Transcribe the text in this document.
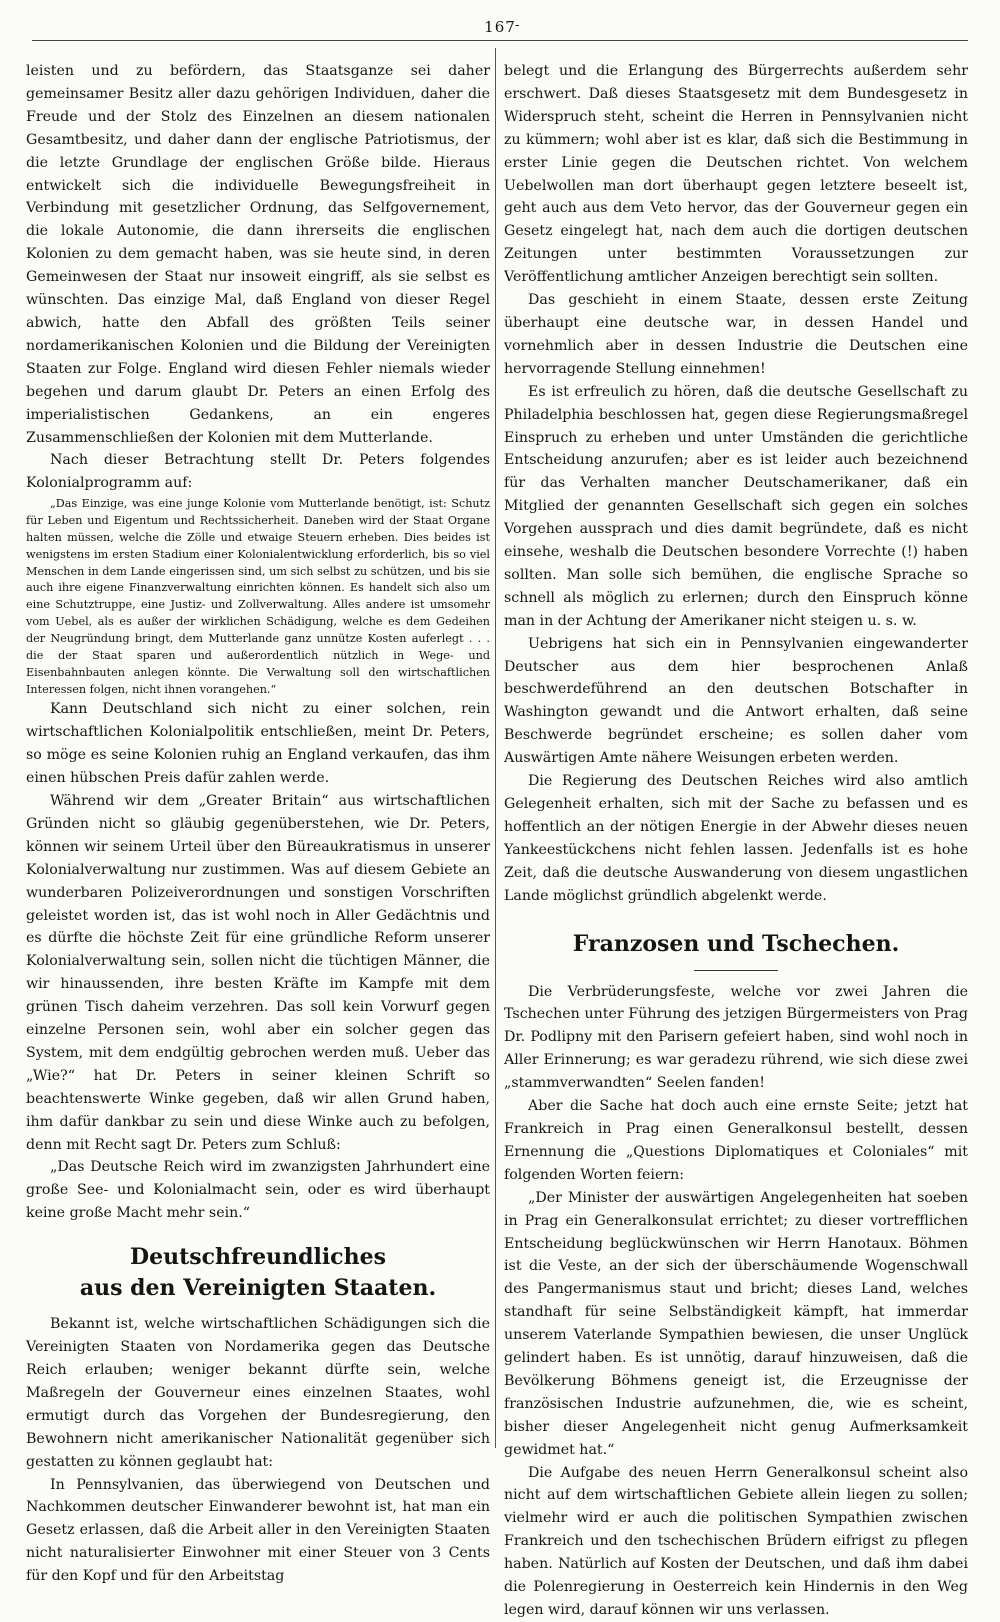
167 -

leisten und zu befördern, das Staatsganze sei daher gemeinsamer Besitz aller dazu gehörigen Individuen, daher die Freude und der Stolz des Einzelnen an diesem nationalen Gesamtbesitz, und daher dann der englische Patriotismus, der die letzte Grundlage der englischen Größe bilde. Hieraus entwickelt sich die individuelle Bewegungsfreiheit in Verbindung mit gesetzlicher Ordnung, das Selfgovernement, die lokale Autonomie, die dann ihrerseits die englischen Kolonien zu dem gemacht haben, was sie heute sind, in deren Gemeinwesen der Staat nur insoweit eingriff, als sie selbst es wünschten. Das einzige Mal, daß England von dieser Regel abwich, hatte den Abfall des größten Teils seiner nordamerikanischen Kolonien und die Bildung der Vereinigten Staaten zur Folge. England wird diesen Fehler niemals wieder begehen und darum glaubt Dr. Peters an einen Erfolg des imperialistischen Gedankens, an ein engeres Zusammenschließen der Kolonien mit dem Mutterlande.

Nach dieser Betrachtung stellt Dr. Peters folgendes Kolonialprogramm auf:

„Das Einzige, was eine junge Kolonie vom Mutterlande benötigt, ist: Schutz für Leben und Eigentum und Rechtssicherheit. Daneben wird der Staat Organe halten müssen, welche die Zölle und etwaige Steuern erheben. Dies beides ist wenigstens im ersten Stadium einer Kolonialentwicklung erforderlich, bis so viel Menschen in dem Lande eingerissen sind, um sich selbst zu schützen, und bis sie auch ihre eigene Finanzverwaltung einrichten können. Es handelt sich also um eine Schutztruppe, eine Justiz- und Zollverwaltung. Alles andere ist umsomehr vom Uebel, als es außer der wirklichen Schädigung, welche es dem Gedeihen der Neugründung bringt, dem Mutterlande ganz unnütze Kosten auferlegt . . . die der Staat sparen und außerordentlich nützlich in Wege- und Eisenbahnbauten anlegen könnte. Die Verwaltung soll den wirtschaftlichen Interessen folgen, nicht ihnen vorangehen.“

Kann Deutschland sich nicht zu einer solchen, rein wirtschaftlichen Kolonialpolitik entschließen, meint Dr. Peters, so möge es seine Kolonien ruhig an England verkaufen, das ihm einen hübschen Preis dafür zahlen werde.

Während wir dem „Greater Britain“ aus wirtschaftlichen Gründen nicht so gläubig gegenüberstehen, wie Dr. Peters, können wir seinem Urteil über den Büreaukratismus in unserer Kolonialverwaltung nur zustimmen. Was auf diesem Gebiete an wunderbaren Polizeiverordnungen und sonstigen Vorschriften geleistet worden ist, das ist wohl noch in Aller Gedächtnis und es dürfte die höchste Zeit für eine gründliche Reform unserer Kolonialverwaltung sein, sollen nicht die tüchtigen Männer, die wir hinaussenden, ihre besten Kräfte im Kampfe mit dem grünen Tisch daheim verzehren. Das soll kein Vorwurf gegen einzelne Personen sein, wohl aber ein solcher gegen das System, mit dem endgültig gebrochen werden muß. Ueber das „Wie?“ hat Dr. Peters in seiner kleinen Schrift so beachtenswerte Winke gegeben, daß wir allen Grund haben, ihm dafür dankbar zu sein und diese Winke auch zu befolgen, denn mit Recht sagt Dr. Peters zum Schluß:

„Das Deutsche Reich wird im zwanzigsten Jahrhundert eine große See- und Kolonialmacht sein, oder es wird überhaupt keine große Macht mehr sein.“

Deutschfreundliches
aus den Vereinigten Staaten.

Bekannt ist, welche wirtschaftlichen Schädigungen sich die Vereinigten Staaten von Nordamerika gegen das Deutsche Reich erlauben; weniger bekannt dürfte sein, welche Maßregeln der Gouverneur eines einzelnen Staates, wohl ermutigt durch das Vorgehen der Bundesregierung, den Bewohnern nicht amerikanischer Nationalität gegenüber sich gestatten zu können geglaubt hat:

In Pennsylvanien, das überwiegend von Deutschen und Nachkommen deutscher Einwanderer bewohnt ist, hat man ein Gesetz erlassen, daß die Arbeit aller in den Vereinigten Staaten nicht naturalisierter Einwohner mit einer Steuer von 3 Cents für den Kopf und für den Arbeitstag

belegt und die Erlangung des Bürgerrechts außerdem sehr erschwert. Daß dieses Staatsgesetz mit dem Bundesgesetz in Widerspruch steht, scheint die Herren in Pennsylvanien nicht zu kümmern; wohl aber ist es klar, daß sich die Bestimmung in erster Linie gegen die Deutschen richtet. Von welchem Uebelwollen man dort überhaupt gegen letztere beseelt ist, geht auch aus dem Veto hervor, das der Gouverneur gegen ein Gesetz eingelegt hat, nach dem auch die dortigen deutschen Zeitungen unter bestimmten Voraussetzungen zur Veröffentlichung amtlicher Anzeigen berechtigt sein sollten.

Das geschieht in einem Staate, dessen erste Zeitung überhaupt eine deutsche war, in dessen Handel und vornehmlich aber in dessen Industrie die Deutschen eine hervorragende Stellung einnehmen!

Es ist erfreulich zu hören, daß die deutsche Gesellschaft zu Philadelphia beschlossen hat, gegen diese Regierungsmaßregel Einspruch zu erheben und unter Umständen die gerichtliche Entscheidung anzurufen; aber es ist leider auch bezeichnend für das Verhalten mancher Deutschamerikaner, daß ein Mitglied der genannten Gesellschaft sich gegen ein solches Vorgehen aussprach und dies damit begründete, daß es nicht einsehe, weshalb die Deutschen besondere Vorrechte (!) haben sollten. Man solle sich bemühen, die englische Sprache so schnell als möglich zu erlernen; durch den Einspruch könne man in der Achtung der Amerikaner nicht steigen u. s. w.

Uebrigens hat sich ein in Pennsylvanien eingewanderter Deutscher aus dem hier besprochenen Anlaß beschwerdeführend an den deutschen Botschafter in Washington gewandt und die Antwort erhalten, daß seine Beschwerde begründet erscheine; es sollen daher vom Auswärtigen Amte nähere Weisungen erbeten werden.

Die Regierung des Deutschen Reiches wird also amtlich Gelegenheit erhalten, sich mit der Sache zu befassen und es hoffentlich an der nötigen Energie in der Abwehr dieses neuen Yankeestückchens nicht fehlen lassen. Jedenfalls ist es hohe Zeit, daß die deutsche Auswanderung von diesem ungastlichen Lande möglichst gründlich abgelenkt werde.

Franzosen und Tschechen.

Die Verbrüderungsfeste, welche vor zwei Jahren die Tschechen unter Führung des jetzigen Bürgermeisters von Prag Dr. Podlipny mit den Parisern gefeiert haben, sind wohl noch in Aller Erinnerung; es war geradezu rührend, wie sich diese zwei „stammverwandten“ Seelen fanden!

Aber die Sache hat doch auch eine ernste Seite; jetzt hat Frankreich in Prag einen Generalkonsul bestellt, dessen Ernennung die „Questions Diplomatiques et Coloniales“ mit folgenden Worten feiern:

„Der Minister der auswärtigen Angelegenheiten hat soeben in Prag ein Generalkonsulat errichtet; zu dieser vortrefflichen Entscheidung beglückwünschen wir Herrn Hanotaux. Böhmen ist die Veste, an der sich der überschäumende Wogenschwall des Pangermanismus staut und bricht; dieses Land, welches standhaft für seine Selbständigkeit kämpft, hat immerdar unserem Vaterlande Sympathien bewiesen, die unser Unglück gelindert haben. Es ist unnötig, darauf hinzuweisen, daß die Bevölkerung Böhmens geneigt ist, die Erzeugnisse der französischen Industrie aufzunehmen, die, wie es scheint, bisher dieser Angelegenheit nicht genug Aufmerksamkeit gewidmet hat.“

Die Aufgabe des neuen Herrn Generalkonsul scheint also nicht auf dem wirtschaftlichen Gebiete allein liegen zu sollen; vielmehr wird er auch die politischen Sympathien zwischen Frankreich und den tschechischen Brüdern eifrigst zu pflegen haben. Natürlich auf Kosten der Deutschen, und daß ihm dabei die Polenregierung in Oesterreich kein Hindernis in den Weg legen wird, darauf können wir uns verlassen.
